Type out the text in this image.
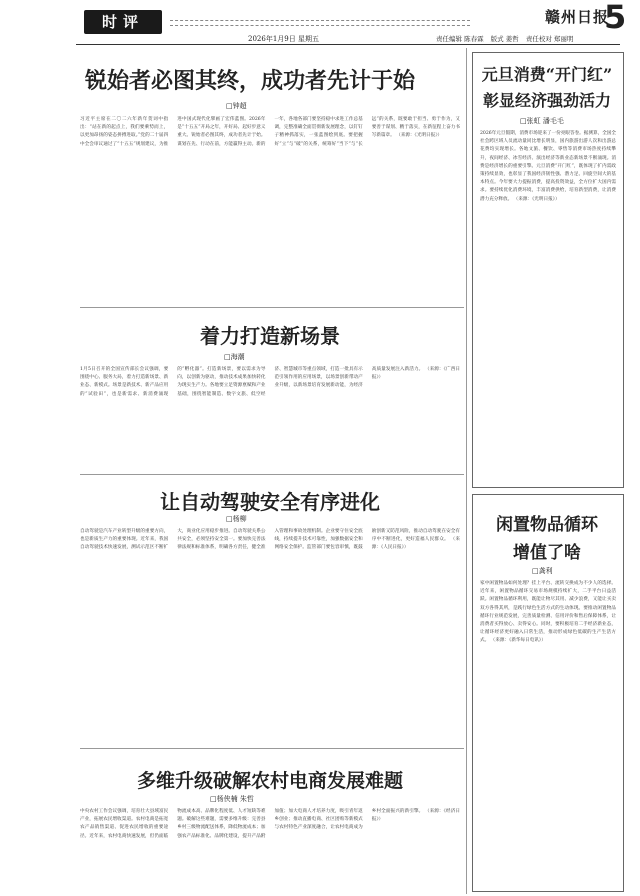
时评	赣州日报
5
2026年1月9日 星期五	责任编辑 陈春霖 版式 姜哲 责任校对 郑丽明
锐始者必图其终，成功者先计于始
□钟超
习近平主席在二〇二六年新年贺词中指出：“站在新的起点上，我们要乘势而上，以更加昂扬的姿态拼搏进取。”党的二十届四中全会审议通过了“十五五”规划建议，为推进中国式现代化擘画了宏伟蓝图。2026年是“十五五”开局之年，开好局、起好步意义重大。锐始者必图其终，成功者先计于始。谋划在先、行动在前，方能赢得主动。新的一年，各地各部门要坚持稳中求进工作总基调，完整准确全面贯彻新发展理念，以钉钉子精神抓落实，一张蓝图绘到底。要把握好“立”与“破”的关系，统筹好“当下”与“长远”的关系，既要敢于担当、勇于作为，又要善于谋划、精于落实，在新征程上奋力书写新篇章。 （来源：《光明日报》）
元旦消费“开门红”
彰显经济强劲活力
□张虹 潘毛毛
2026年元旦假期，消费市场迎来了一份亮眼答卷。据测算，全国全社会跨区域人员流动量同比增长明显，国内旅游出游人次和出游总花费均实现增长。各地文旅、餐饮、零售等消费市场热度持续攀升，夜间经济、冰雪经济、演出经济等新业态新场景不断涌现。消费是经济增长的重要引擎。元旦消费“开门红”，既体现了扩内需政策持续显效，也彰显了我国经济韧性强、潜力足、回旋空间大的基本特点。今年要大力提振消费，提高投资效益，全方位扩大国内需求。要持续优化消费环境，丰富消费供给，培育新型消费，让消费潜力充分释放。 （来源：《光明日报》）
着力打造新场景
□海潮
1月5日召开的全国宣传部长会议强调，要围绕中心、服务大局，着力打造新场景、新业态、新模式。场景是新技术、新产品应用的“试验田”，也是新需求、新消费涌现的“孵化器”。打造新场景，要以需求为导向，以创新为驱动，推动技术成果加快转化为现实生产力。各地要立足资源禀赋和产业基础，围绕智能制造、数字文旅、低空经济、智慧城市等重点领域，打造一批具有示范引领作用的应用场景，以场景创新带动产业升级，以新场景培育发展新动能，为经济高质量发展注入新活力。 （来源：《广西日报》）
让自动驾驶安全有序进化
□杨柳
自动驾驶是汽车产业转型升级的重要方向，也是新质生产力的重要体现。近年来，我国自动驾驶技术快速发展，测试示范区不断扩大，商业化应用稳步推进。自动驾驶关系公共安全，必须坚持安全第一。要加快完善法律法规和标准体系，明确各方责任，健全准入管理和事故处理机制。企业要守住安全底线，持续提升技术可靠性，加强数据安全和网络安全保护。监管部门要包容审慎，既鼓励创新又防范风险，推动自动驾驶在安全有序中不断进化，更好造福人民群众。 （来源：《人民日报》）
闲置物品循环
增值了啥
□龚利
家中闲置物品如何处理？挂上平台、流转交换成为不少人的选择。近年来，闲置物品循环交易市场规模持续扩大，二手平台日益活跃。闲置物品循环利用，既能让物尽其用、减少浪费，又能让买卖双方各得其所，是践行绿色生活方式的生动体现。要推动闲置物品循环行业规范发展，完善质量检测、信用评价和售后保障体系，让消费者买得放心、卖得安心。同时，要积极培育二手经济新业态，让循环经济更好融入日常生活，推动形成绿色低碳的生产生活方式。 （来源：《新华每日电讯》）
多维升级破解农村电商发展难题
□杨侠楠 朱哲
中央农村工作会议强调，培育壮大县域富民产业，拓展农民增收渠道。农村电商是拓宽农产品销售渠道、促进农民增收的重要途径。近年来，农村电商快速发展，但仍面临物流成本高、品牌化程度低、人才短缺等难题。破解这些难题，需要多维升级：完善县乡村三级物流配送体系，降低物流成本；加强农产品标准化、品牌化建设，提升产品附加值；加大电商人才培养力度，吸引青年返乡创业；推动直播电商、社区团购等新模式与农村特色产业深度融合，让农村电商成为乡村全面振兴的新引擎。 （来源：《经济日报》）
